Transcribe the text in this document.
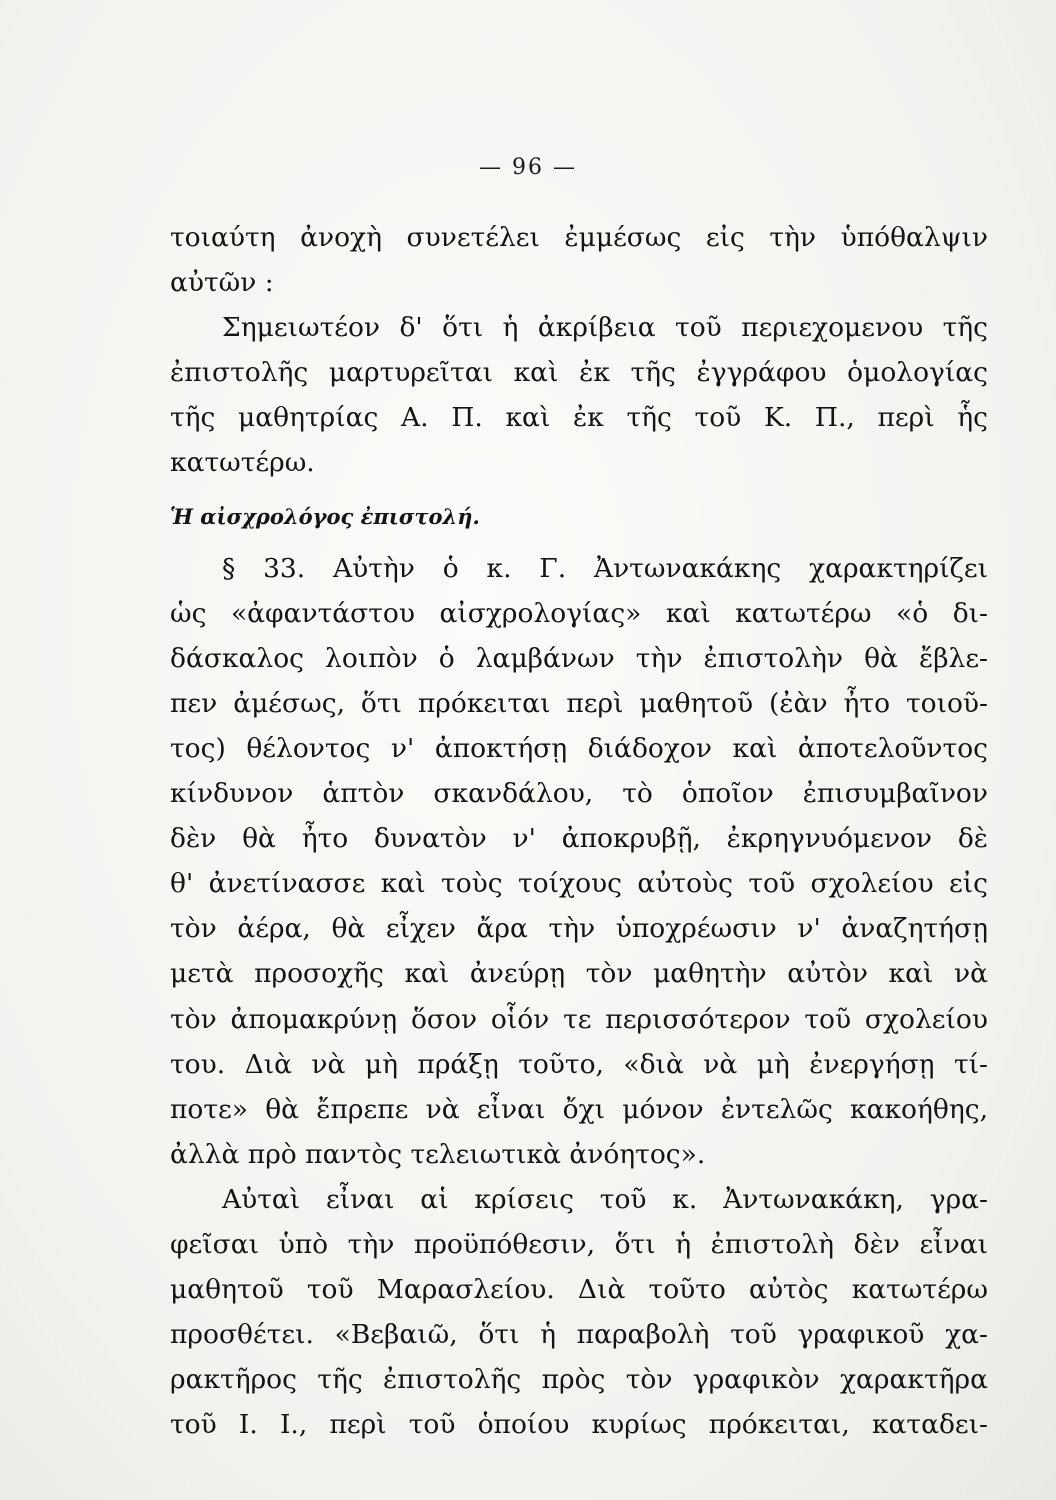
— 96 —
τοιαύτη ἀνοχὴ συνετέλει ἐμμέσως εἰς τὴν ὑπόθαλψιν
αὐτῶν :
Σημειωτέον δ' ὅτι ἡ ἀκρίβεια τοῦ περιεχομενου τῆς
ἐπιστολῆς μαρτυρεῖται καὶ ἐκ τῆς ἐγγράφου ὁμολογίας
τῆς μαθητρίας Α. Π. καὶ ἐκ τῆς τοῦ Κ. Π., περὶ ἧς
κατωτέρω.
Ἡ αἰσχρολόγος ἐπιστολή.
§ 33. Αὐτὴν ὁ κ. Γ. Ἀντωνακάκης χαρακτηρίζει
ὡς «ἀφαντάστου αἰσχρολογίας» καὶ κατωτέρω «ὁ δι-
δάσκαλος λοιπὸν ὁ λαμβάνων τὴν ἐπιστολὴν θὰ ἔβλε-
πεν ἀμέσως, ὅτι πρόκειται περὶ μαθητοῦ (ἐὰν ἦτο τοιοῦ-
τος) θέλοντος ν' ἀποκτήσῃ διάδοχον καὶ ἀποτελοῦντος
κίνδυνον ἁπτὸν σκανδάλου, τὸ ὁποῖον ἐπισυμβαῖνον
δὲν θὰ ἦτο δυνατὸν ν' ἀποκρυβῇ, ἐκρηγνυόμενον δὲ
θ' ἀνετίνασσε καὶ τοὺς τοίχους αὐτοὺς τοῦ σχολείου εἰς
τὸν ἀέρα, θὰ εἶχεν ἄρα τὴν ὑποχρέωσιν ν' ἀναζητήσῃ
μετὰ προσοχῆς καὶ ἀνεύρῃ τὸν μαθητὴν αὐτὸν καὶ νὰ
τὸν ἀπομακρύνῃ ὅσον οἷόν τε περισσότερον τοῦ σχολείου
του. Διὰ νὰ μὴ πράξῃ τοῦτο, «διὰ νὰ μὴ ἐνεργήσῃ τί-
ποτε» θὰ ἔπρεπε νὰ εἶναι ὄχι μόνον ἐντελῶς κακοήθης,
ἀλλὰ πρὸ παντὸς τελειωτικὰ ἀνόητος».
Αὐταὶ εἶναι αἱ κρίσεις τοῦ κ. Ἀντωνακάκη, γρα-
φεῖσαι ὑπὸ τὴν προϋπόθεσιν, ὅτι ἡ ἐπιστολὴ δὲν εἶναι
μαθητοῦ τοῦ Μαρασλείου. Διὰ τοῦτο αὐτὸς κατωτέρω
προσθέτει. «Βεβαιῶ, ὅτι ἡ παραβολὴ τοῦ γραφικοῦ χα-
ρακτῆρος τῆς ἐπιστολῆς πρὸς τὸν γραφικὸν χαρακτῆρα
τοῦ Ι. Ι., περὶ τοῦ ὁποίου κυρίως πρόκειται, καταδει-
